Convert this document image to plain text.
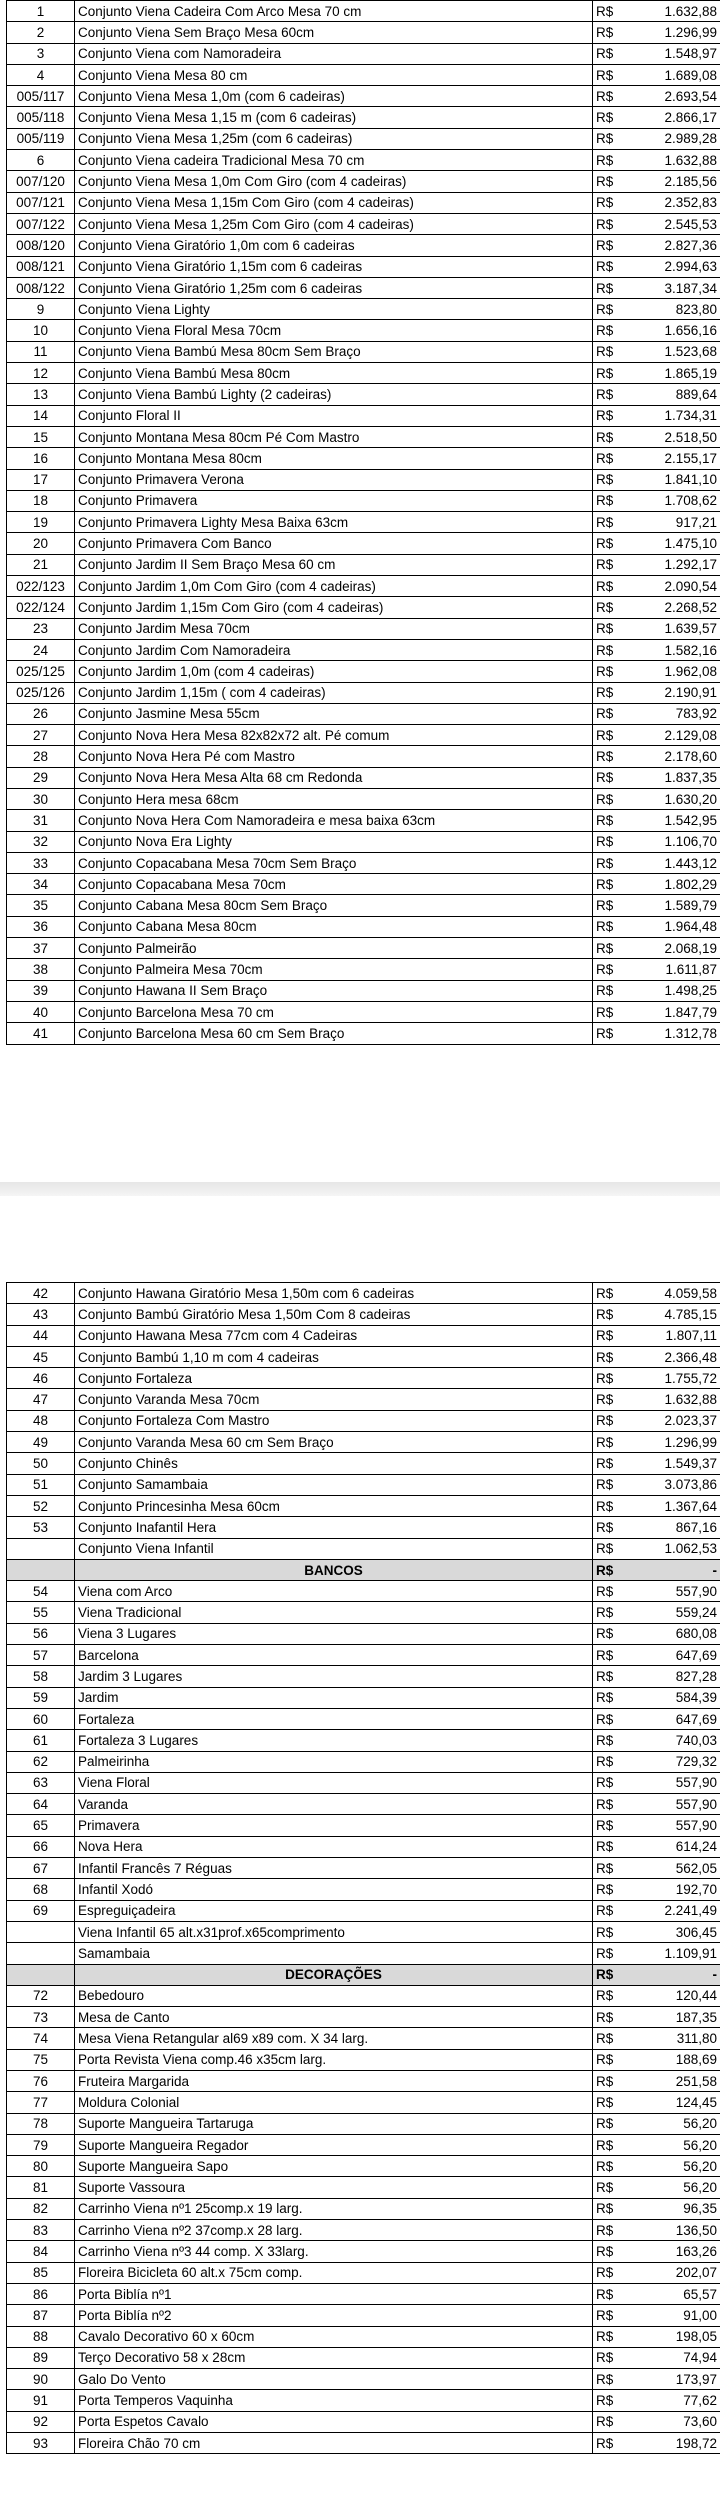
1	Conjunto Viena Cadeira Com Arco Mesa 70 cm	R$	1.632,88
2	Conjunto Viena Sem Braço Mesa 60cm	R$	1.296,99
3	Conjunto Viena com Namoradeira	R$	1.548,97
4	Conjunto Viena Mesa 80 cm	R$	1.689,08
005/117	Conjunto Viena Mesa 1,0m (com 6 cadeiras)	R$	2.693,54
005/118	Conjunto Viena Mesa 1,15 m (com 6 cadeiras)	R$	2.866,17
005/119	Conjunto Viena Mesa 1,25m (com 6 cadeiras)	R$	2.989,28
6	Conjunto Viena cadeira Tradicional Mesa 70 cm	R$	1.632,88
007/120	Conjunto Viena Mesa 1,0m Com Giro (com 4 cadeiras)	R$	2.185,56
007/121	Conjunto Viena Mesa 1,15m Com Giro (com 4 cadeiras)	R$	2.352,83
007/122	Conjunto Viena Mesa 1,25m Com Giro (com 4 cadeiras)	R$	2.545,53
008/120	Conjunto Viena Giratório 1,0m com 6 cadeiras	R$	2.827,36
008/121	Conjunto Viena Giratório 1,15m com 6 cadeiras	R$	2.994,63
008/122	Conjunto Viena Giratório 1,25m com 6 cadeiras	R$	3.187,34
9	Conjunto Viena Lighty	R$	823,80
10	Conjunto Viena Floral Mesa 70cm	R$	1.656,16
11	Conjunto Viena Bambú Mesa 80cm Sem Braço	R$	1.523,68
12	Conjunto Viena Bambú Mesa 80cm	R$	1.865,19
13	Conjunto Viena Bambú Lighty (2 cadeiras)	R$	889,64
14	Conjunto Floral II	R$	1.734,31
15	Conjunto Montana Mesa 80cm Pé Com Mastro	R$	2.518,50
16	Conjunto Montana Mesa 80cm	R$	2.155,17
17	Conjunto Primavera Verona	R$	1.841,10
18	Conjunto Primavera	R$	1.708,62
19	Conjunto Primavera Lighty Mesa Baixa 63cm	R$	917,21
20	Conjunto Primavera Com Banco	R$	1.475,10
21	Conjunto Jardim II Sem Braço Mesa 60 cm	R$	1.292,17
022/123	Conjunto Jardim 1,0m Com Giro (com 4 cadeiras)	R$	2.090,54
022/124	Conjunto Jardim 1,15m Com Giro (com 4 cadeiras)	R$	2.268,52
23	Conjunto Jardim Mesa 70cm	R$	1.639,57
24	Conjunto Jardim Com Namoradeira	R$	1.582,16
025/125	Conjunto Jardim 1,0m (com 4 cadeiras)	R$	1.962,08
025/126	Conjunto Jardim 1,15m ( com 4 cadeiras)	R$	2.190,91
26	Conjunto Jasmine Mesa 55cm	R$	783,92
27	Conjunto Nova Hera Mesa 82x82x72 alt. Pé comum	R$	2.129,08
28	Conjunto Nova Hera Pé com Mastro	R$	2.178,60
29	Conjunto Nova Hera Mesa Alta 68 cm Redonda	R$	1.837,35
30	Conjunto Hera mesa 68cm	R$	1.630,20
31	Conjunto Nova Hera Com Namoradeira e mesa baixa 63cm	R$	1.542,95
32	Conjunto Nova Era Lighty	R$	1.106,70
33	Conjunto Copacabana Mesa 70cm Sem Braço	R$	1.443,12
34	Conjunto Copacabana Mesa 70cm	R$	1.802,29
35	Conjunto Cabana Mesa 80cm Sem Braço	R$	1.589,79
36	Conjunto Cabana Mesa 80cm	R$	1.964,48
37	Conjunto Palmeirão	R$	2.068,19
38	Conjunto Palmeira Mesa 70cm	R$	1.611,87
39	Conjunto Hawana II Sem Braço	R$	1.498,25
40	Conjunto Barcelona Mesa 70 cm	R$	1.847,79
41	Conjunto Barcelona Mesa 60 cm Sem Braço	R$	1.312,78
42	Conjunto Hawana Giratório Mesa 1,50m com 6 cadeiras	R$	4.059,58
43	Conjunto Bambú Giratório Mesa 1,50m Com 8 cadeiras	R$	4.785,15
44	Conjunto Hawana Mesa 77cm com 4 Cadeiras	R$	1.807,11
45	Conjunto Bambú 1,10 m com 4 cadeiras	R$	2.366,48
46	Conjunto Fortaleza	R$	1.755,72
47	Conjunto Varanda Mesa 70cm	R$	1.632,88
48	Conjunto Fortaleza Com Mastro	R$	2.023,37
49	Conjunto Varanda Mesa 60 cm Sem Braço	R$	1.296,99
50	Conjunto Chinês	R$	1.549,37
51	Conjunto Samambaia	R$	3.073,86
52	Conjunto Princesinha Mesa 60cm	R$	1.367,64
53	Conjunto Inafantil Hera	R$	867,16
	Conjunto Viena Infantil	R$	1.062,53
	BANCOS	R$	-
54	Viena com Arco	R$	557,90
55	Viena Tradicional	R$	559,24
56	Viena 3 Lugares	R$	680,08
57	Barcelona	R$	647,69
58	Jardim 3 Lugares	R$	827,28
59	Jardim	R$	584,39
60	Fortaleza	R$	647,69
61	Fortaleza 3 Lugares	R$	740,03
62	Palmeirinha	R$	729,32
63	Viena Floral	R$	557,90
64	Varanda	R$	557,90
65	Primavera	R$	557,90
66	Nova Hera	R$	614,24
67	Infantil Francês 7 Réguas	R$	562,05
68	Infantil Xodó	R$	192,70
69	Espreguiçadeira	R$	2.241,49
	Viena Infantil 65 alt.x31prof.x65comprimento	R$	306,45
	Samambaia	R$	1.109,91
	DECORAÇÕES	R$	-
72	Bebedouro	R$	120,44
73	Mesa de Canto	R$	187,35
74	Mesa Viena Retangular al69 x89 com. X 34 larg.	R$	311,80
75	Porta Revista Viena comp.46 x35cm larg.	R$	188,69
76	Fruteira Margarida	R$	251,58
77	Moldura Colonial	R$	124,45
78	Suporte Mangueira Tartaruga	R$	56,20
79	Suporte Mangueira Regador	R$	56,20
80	Suporte Mangueira Sapo	R$	56,20
81	Suporte Vassoura	R$	56,20
82	Carrinho Viena nº1 25comp.x 19 larg.	R$	96,35
83	Carrinho Viena nº2 37comp.x 28 larg.	R$	136,50
84	Carrinho Viena nº3 44 comp. X 33larg.	R$	163,26
85	Floreira Bicicleta 60 alt.x 75cm comp.	R$	202,07
86	Porta Biblía nº1	R$	65,57
87	Porta Biblía nº2	R$	91,00
88	Cavalo Decorativo 60 x 60cm	R$	198,05
89	Terço Decorativo 58 x 28cm	R$	74,94
90	Galo Do Vento	R$	173,97
91	Porta Temperos Vaquinha	R$	77,62
92	Porta Espetos Cavalo	R$	73,60
93	Floreira Chão 70 cm	R$	198,72
